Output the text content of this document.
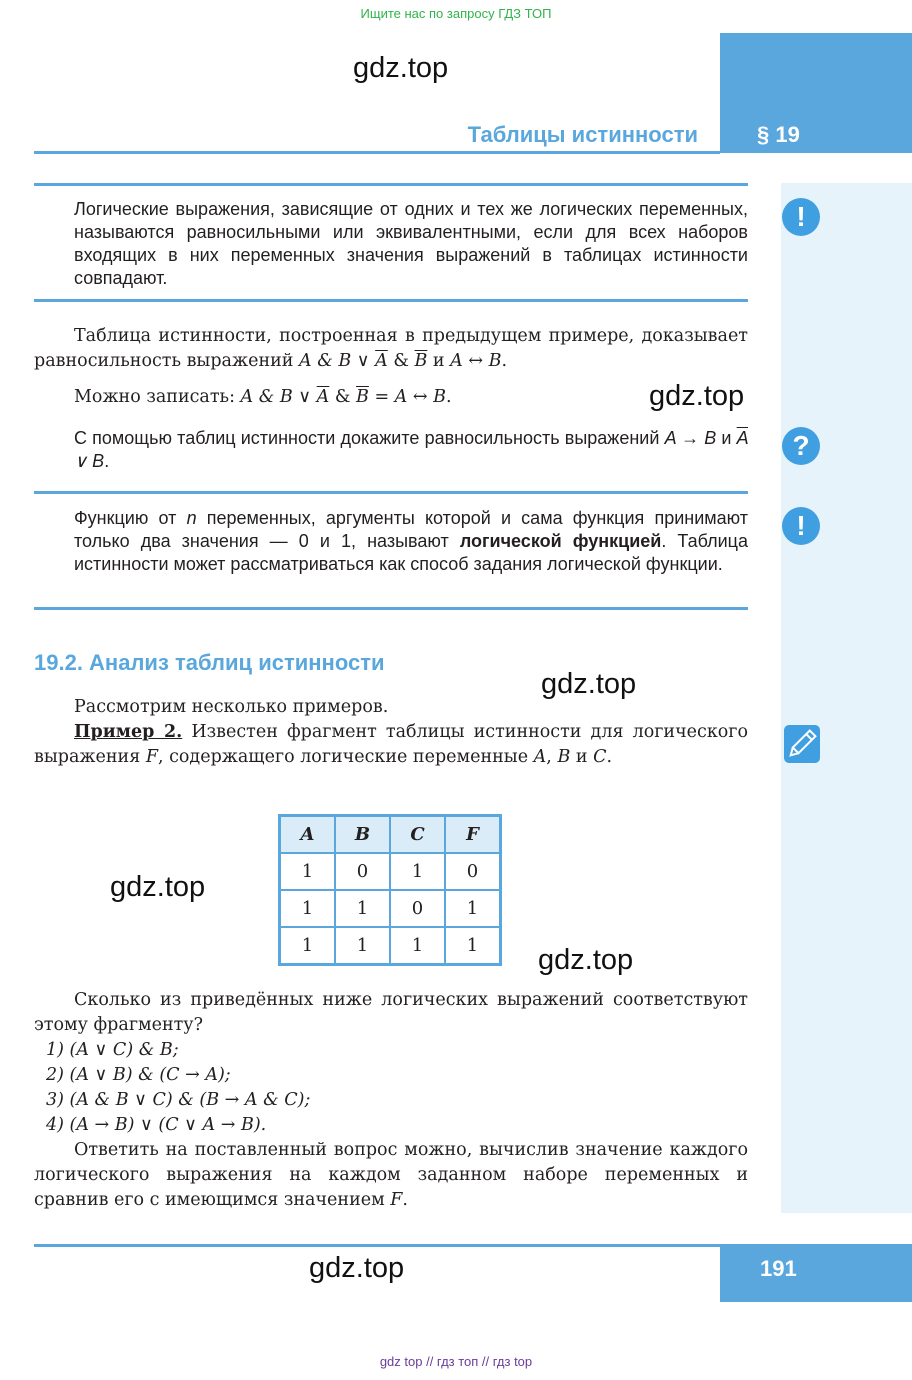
Ищите нас по запросу ГДЗ ТОП
gdz.top
Таблицы истинности	§ 19
Логические выражения, зависящие от одних и тех же логических переменных, называются равносильными или эквивалентными, если для всех наборов входящих в них переменных значения выражений в таблицах истинности совпадают.
!
Таблица истинности, построенная в предыдущем примере, доказывает равносильность выражений A & B ∨ $\overline{A}$ & $\overline{B}$ и A ↔ B.
Можно записать: A & B ∨ $\overline{A}$ & $\overline{B} = A$ ↔ B.	gdz.top
С помощью таблиц истинности докажите равносильность выражений A → B и $\overline{A}$ ∨ B.	?
Функцию от n переменных, аргументы которой и сама функция принимают только два значения — 0 и 1, называют логической функцией. Таблица истинности может рассматриваться как способ задания логической функции.
!
19.2. Анализ таблиц истинности
gdz.top
Рассмотрим несколько примеров.
Пример 2. Известен фрагмент таблицы истинности для логического выражения F, содержащего логические переменные A, B и C.
A	B	C	F
1	0	1	0
1	1	0	1
1	1	1	1
gdz.top
gdz.top
Сколько из приведённых ниже логических выражений соответствуют этому фрагменту?
1) (A ∨ C) & B;
2) (A ∨ B) & (C → A);
3) (A & B ∨ C) & (B → A & C);
4) (A → B) ∨ (C ∨ A → B).
Ответить на поставленный вопрос можно, вычислив значение каждого логического выражения на каждом заданном наборе переменных и сравнив его с имеющимся значением F.
gdz.top	191
gdz top // гдз топ // гдз top
